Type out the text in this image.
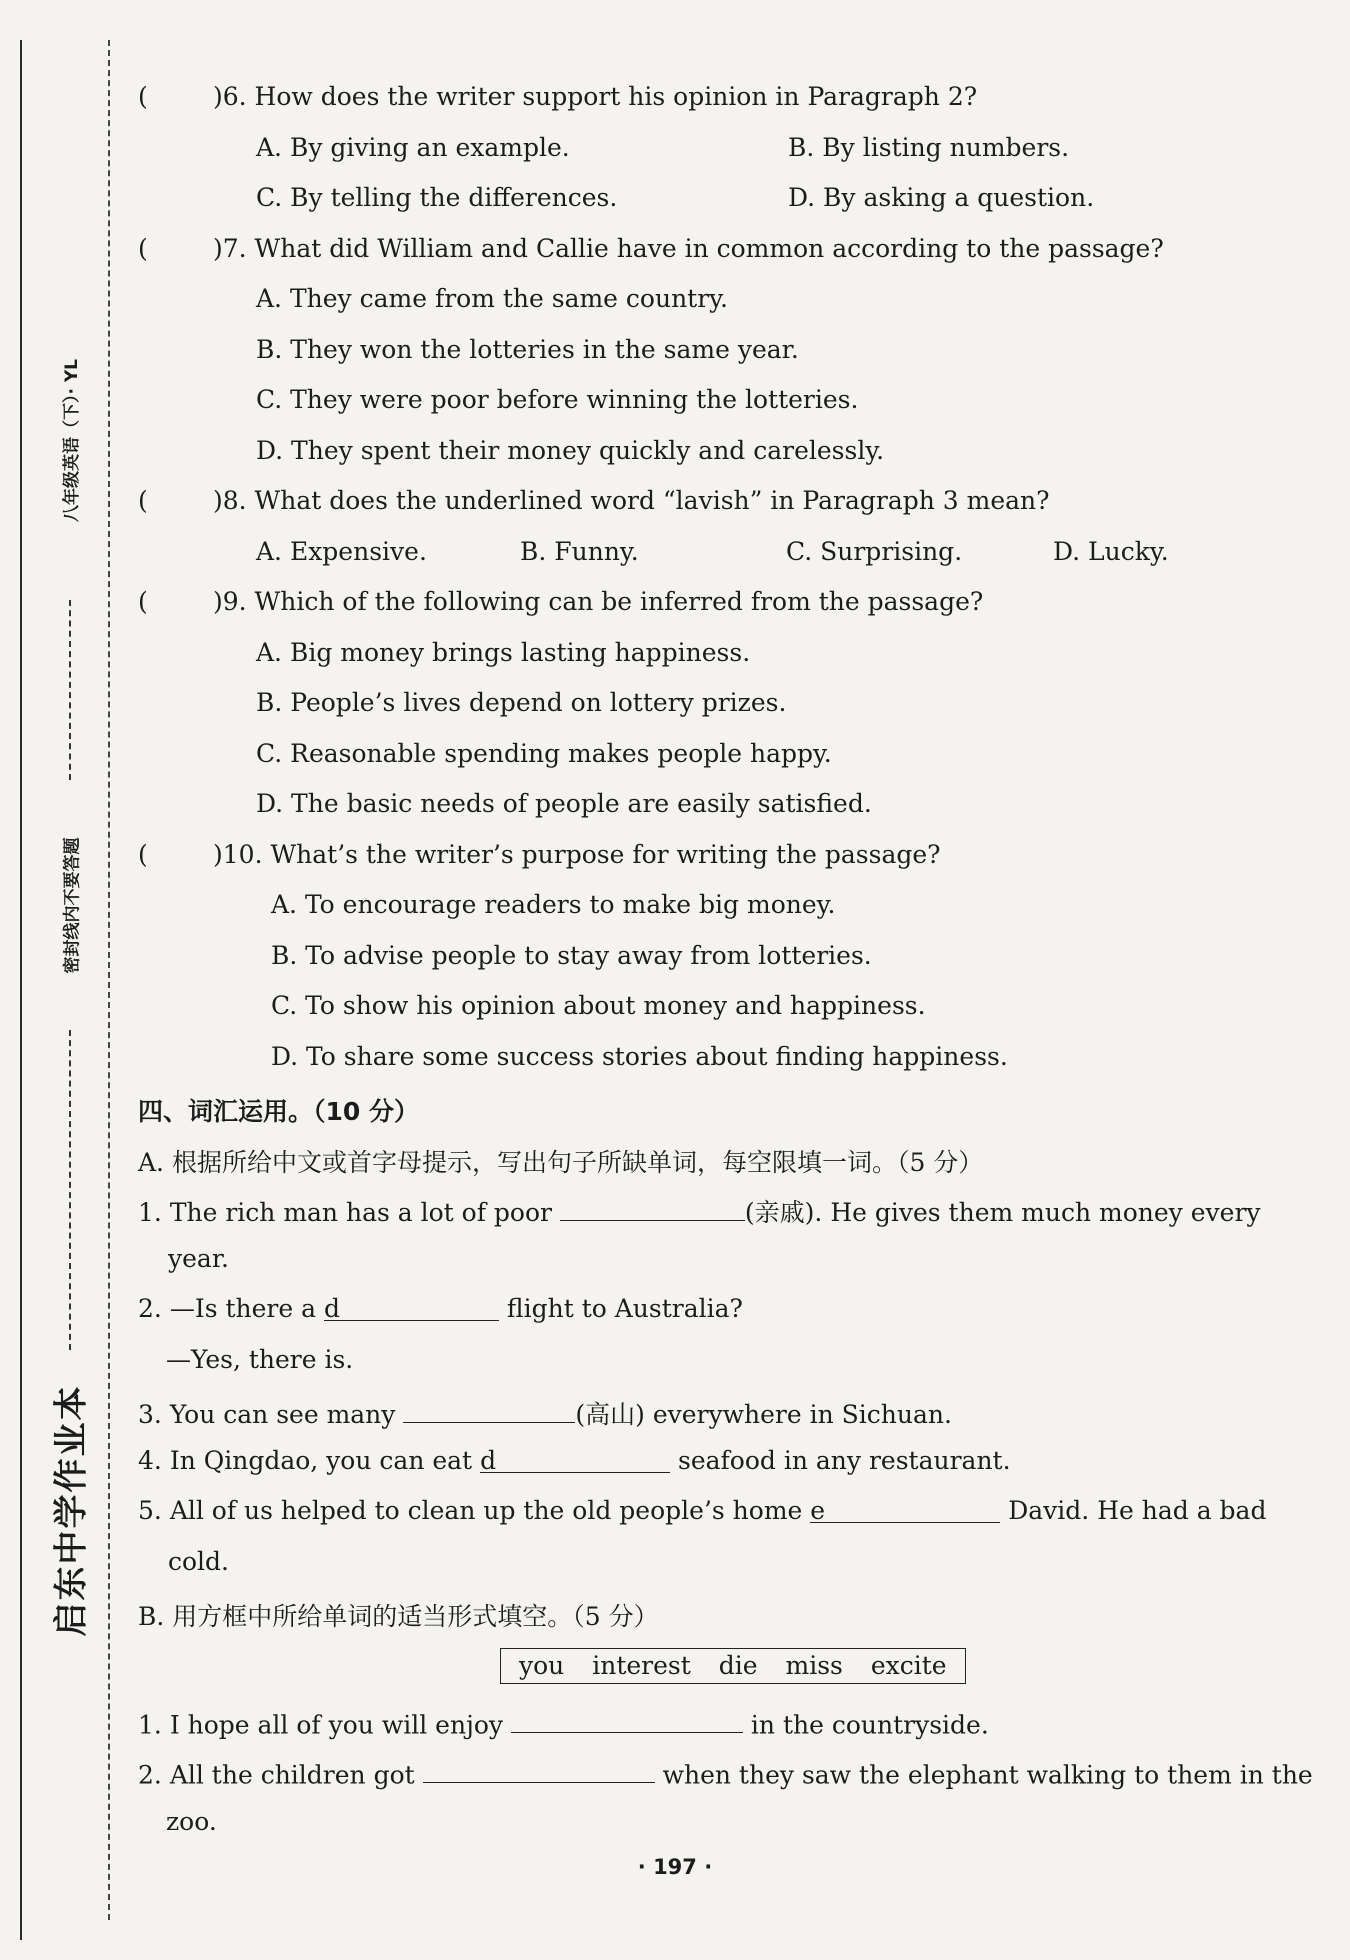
八年级英语（下）· YL
密封线内不要答题
启东中学作业本
(	)6. How does the writer support his opinion in Paragraph 2?
A. By giving an example.	B. By listing numbers.
C. By telling the differences.	D. By asking a question.
(	)7. What did William and Callie have in common according to the passage?
A. They came from the same country.
B. They won the lotteries in the same year.
C. They were poor before winning the lotteries.
D. They spent their money quickly and carelessly.
(	)8. What does the underlined word “lavish” in Paragraph 3 mean?
A. Expensive.	B. Funny.	C. Surprising.	D. Lucky.
(	)9. Which of the following can be inferred from the passage?
A. Big money brings lasting happiness.
B. People’s lives depend on lottery prizes.
C. Reasonable spending makes people happy.
D. The basic needs of people are easily satisfied.
(	)10. What’s the writer’s purpose for writing the passage?
A. To encourage readers to make big money.
B. To advise people to stay away from lotteries.
C. To show his opinion about money and happiness.
D. To share some success stories about finding happiness.
四、词汇运用。（10 分）
A. 根据所给中文或首字母提示，写出句子所缺单词，每空限填一词。（5 分）
1. The rich man has a lot of poor	(亲戚). He gives them much money every
year.
2. —Is there a d	flight to Australia?
—Yes, there is.
3. You can see many	(高山) everywhere in Sichuan.
4. In Qingdao, you can eat d	seafood in any restaurant.
5. All of us helped to clean up the old people’s home e	David. He had a bad
cold.
B. 用方框中所给单词的适当形式填空。（5 分）
you interest die miss excite
1. I hope all of you will enjoy	in the countryside.
2. All the children got	when they saw the elephant walking to them in the
zoo.
· 197 ·
